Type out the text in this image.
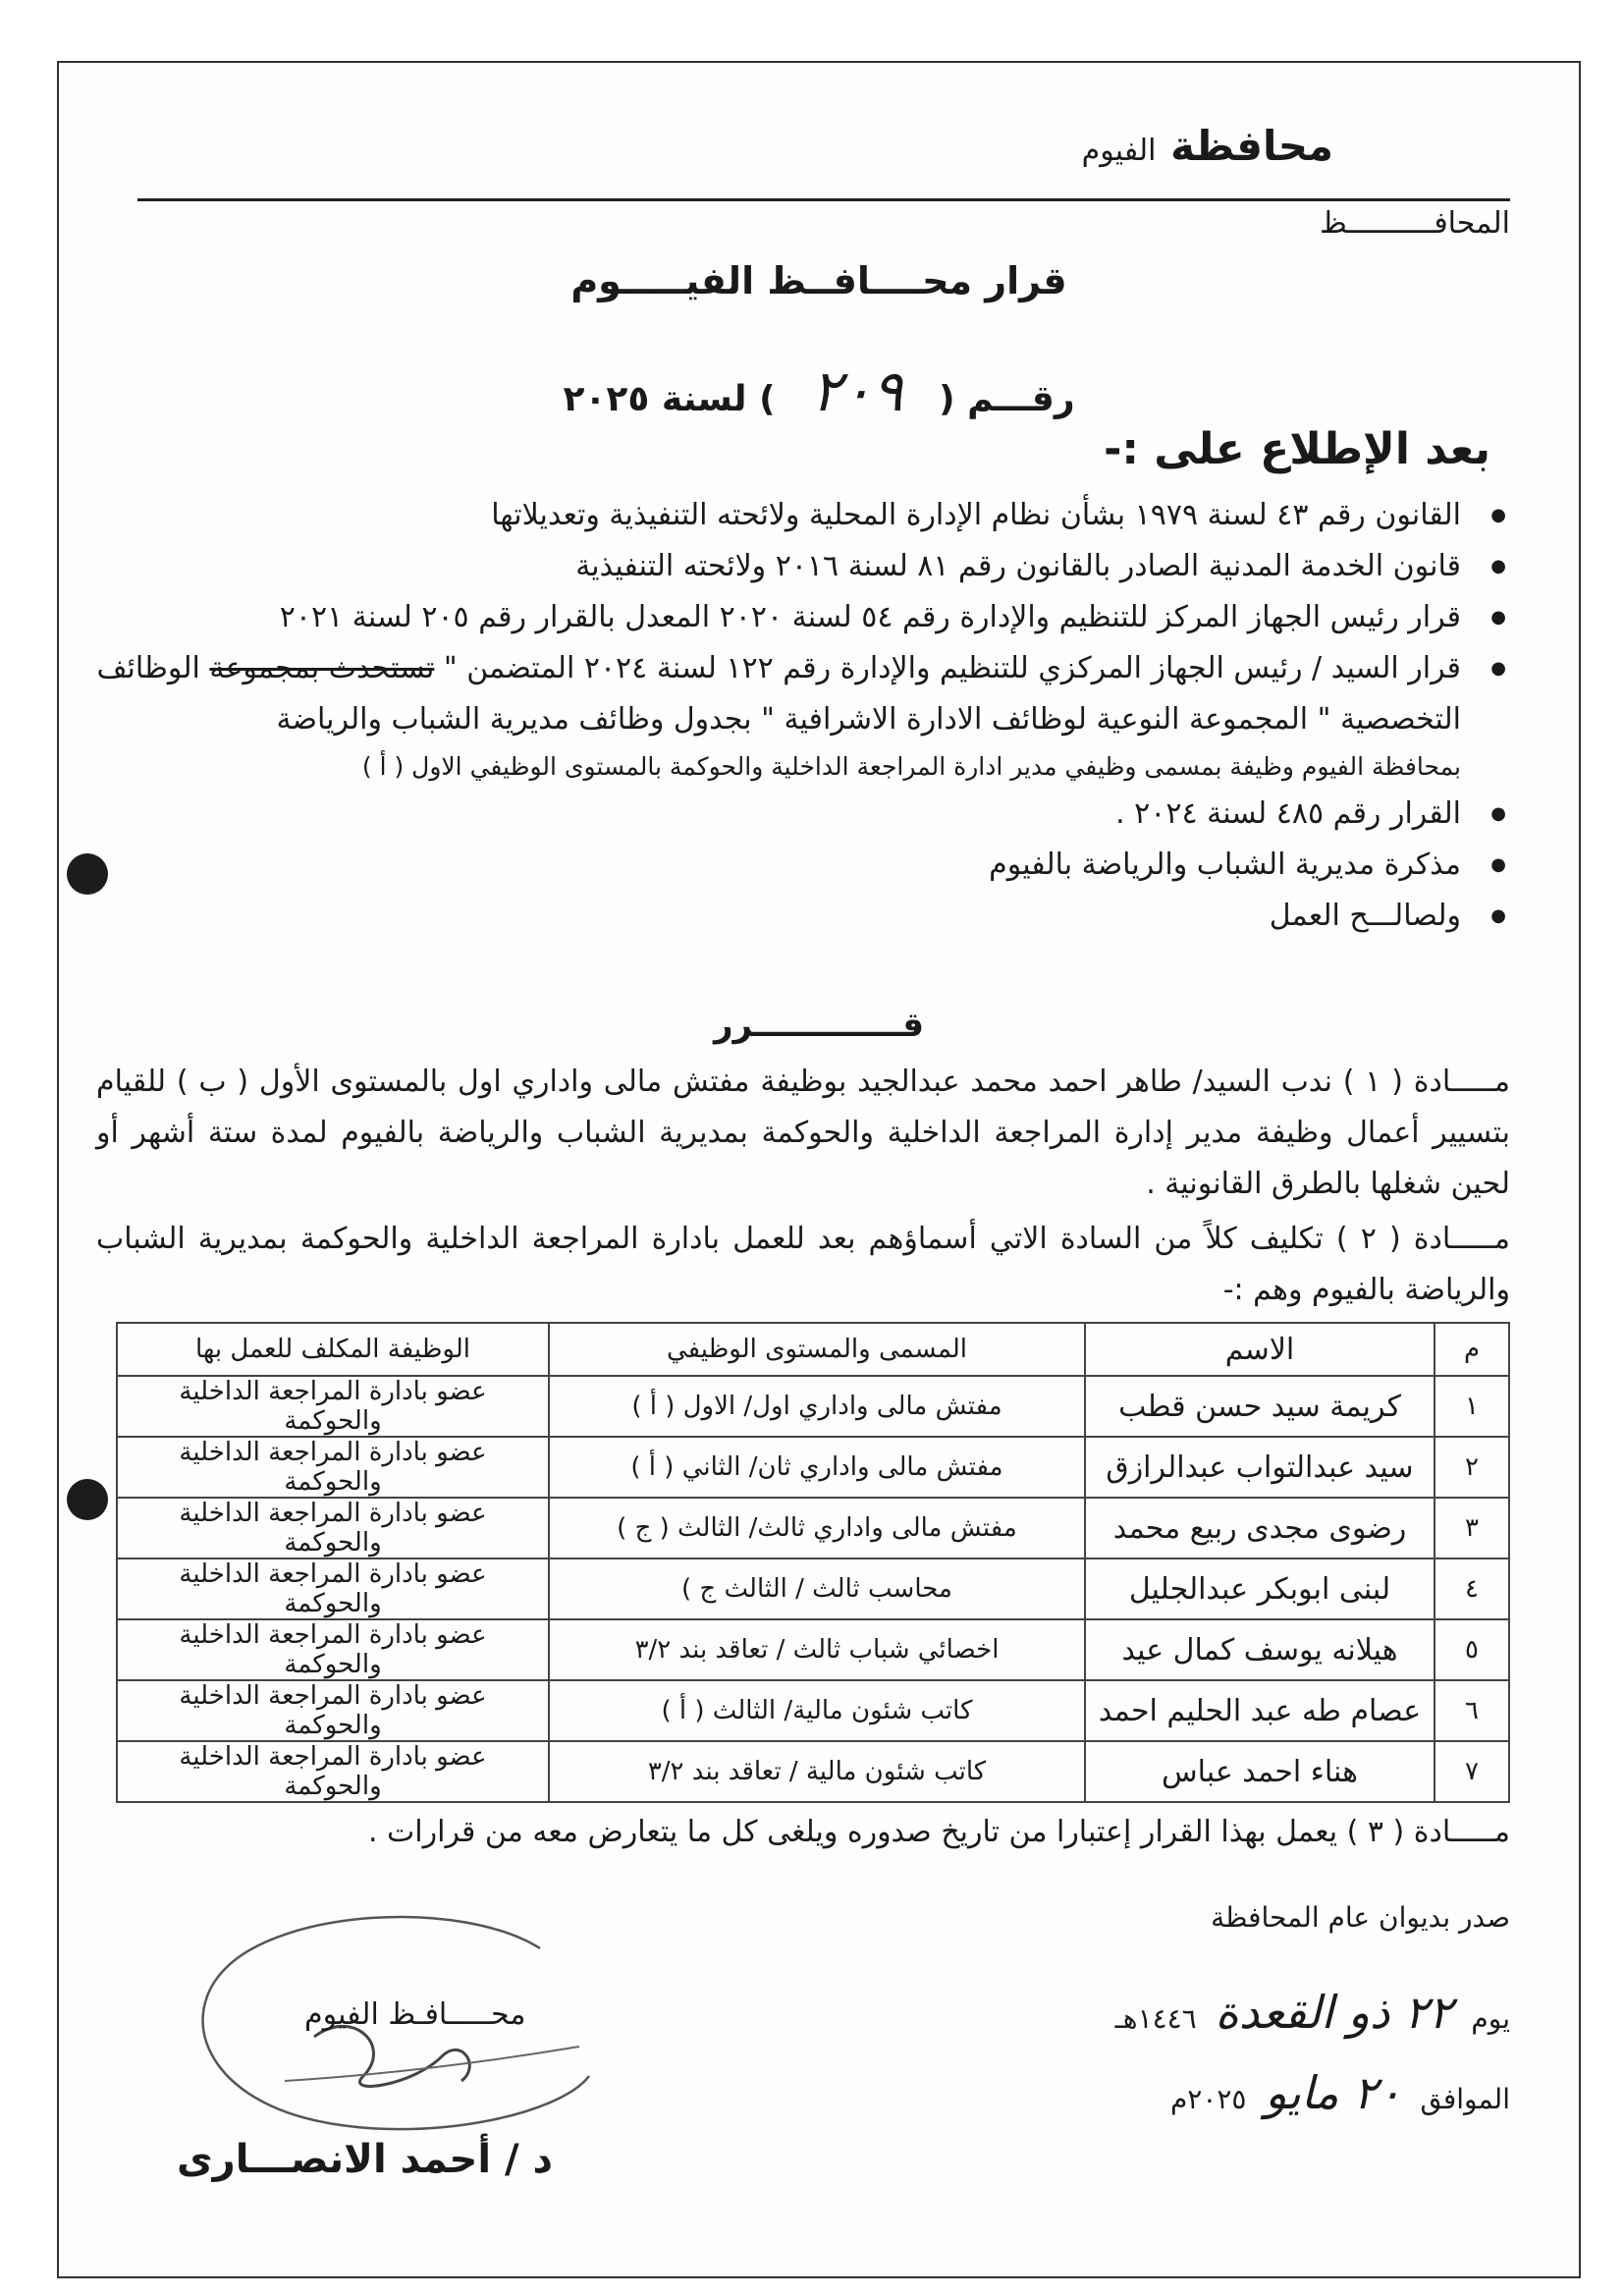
محافظة الفيوم
المحافــــــــــظ
قرار محــــافــظ الفيـــــوم
رقـــم ( ٢٠٩ ) لسنة ٢٠٢٥
بعد الإطلاع على :-
● القانون رقم ٤٣ لسنة ١٩٧٩ بشأن نظام الإدارة المحلية ولائحته التنفيذية وتعديلاتها
● قانون الخدمة المدنية الصادر بالقانون رقم ٨١ لسنة ٢٠١٦ ولائحته التنفيذية
● قرار رئيس الجهاز المركز للتنظيم والإدارة رقم ٥٤ لسنة ٢٠٢٠ المعدل بالقرار رقم ٢٠٥ لسنة ٢٠٢١
● قرار السيد / رئيس الجهاز المركزي للتنظيم والإدارة رقم ١٢٢ لسنة ٢٠٢٤ المتضمن " تستحدث بمجموعة الوظائف التخصصية " المجموعة النوعية لوظائف الادارة الاشرافية " بجدول وظائف مديرية الشباب والرياضة
بمحافظة الفيوم وظيفة بمسمى وظيفي مدير ادارة المراجعة الداخلية والحوكمة بالمستوى الوظيفي الاول ( أ )
● القرار رقم ٤٨٥ لسنة ٢٠٢٤ .
● مذكرة مديرية الشباب والرياضة بالفيوم
● ولصالـــح العمل
قـــــــــــــرر
مـــــادة ( ١ ) ندب السيد/ طاهر احمد محمد عبدالجيد بوظيفة مفتش مالى واداري اول بالمستوى الأول ( ب ) للقيام بتسيير أعمال وظيفة مدير إدارة المراجعة الداخلية والحوكمة بمديرية الشباب والرياضة بالفيوم لمدة ستة أشهر أو لحين شغلها بالطرق القانونية .
مـــــادة ( ٢ ) تكليف كلاً من السادة الاتي أسماؤهم بعد للعمل بادارة المراجعة الداخلية والحوكمة بمديرية الشباب والرياضة بالفيوم وهم :-
م	الاسم	المسمى والمستوى الوظيفي	الوظيفة المكلف للعمل بها
١	كريمة سيد حسن قطب	مفتش مالى واداري اول/ الاول ( أ )	عضو بادارة المراجعة الداخلية والحوكمة
٢	سيد عبدالتواب عبدالرازق	مفتش مالى واداري ثان/ الثاني ( أ )	عضو بادارة المراجعة الداخلية والحوكمة
٣	رضوى مجدى ربيع محمد	مفتش مالى واداري ثالث/ الثالث ( ج )	عضو بادارة المراجعة الداخلية والحوكمة
٤	لبنى ابوبكر عبدالجليل	محاسب ثالث / الثالث ج )	عضو بادارة المراجعة الداخلية والحوكمة
٥	هيلانه يوسف كمال عيد	اخصائي شباب ثالث / تعاقد بند ٣/٢	عضو بادارة المراجعة الداخلية والحوكمة
٦	عصام طه عبد الحليم احمد	كاتب شئون مالية/ الثالث ( أ )	عضو بادارة المراجعة الداخلية والحوكمة
٧	هناء احمد عباس	كاتب شئون مالية / تعاقد بند ٣/٢	عضو بادارة المراجعة الداخلية والحوكمة
مـــــادة ( ٣ ) يعمل بهذا القرار إعتبارا من تاريخ صدوره ويلغى كل ما يتعارض معه من قرارات .
صدر بديوان عام المحافظة
يوم ٢٢ ذو القعدة ١٤٤٦هـ
الموافق ٢٠ مايو ٢٠٢٥م
محـــــافـظ الفيوم
د / أحمد الانصـــارى
